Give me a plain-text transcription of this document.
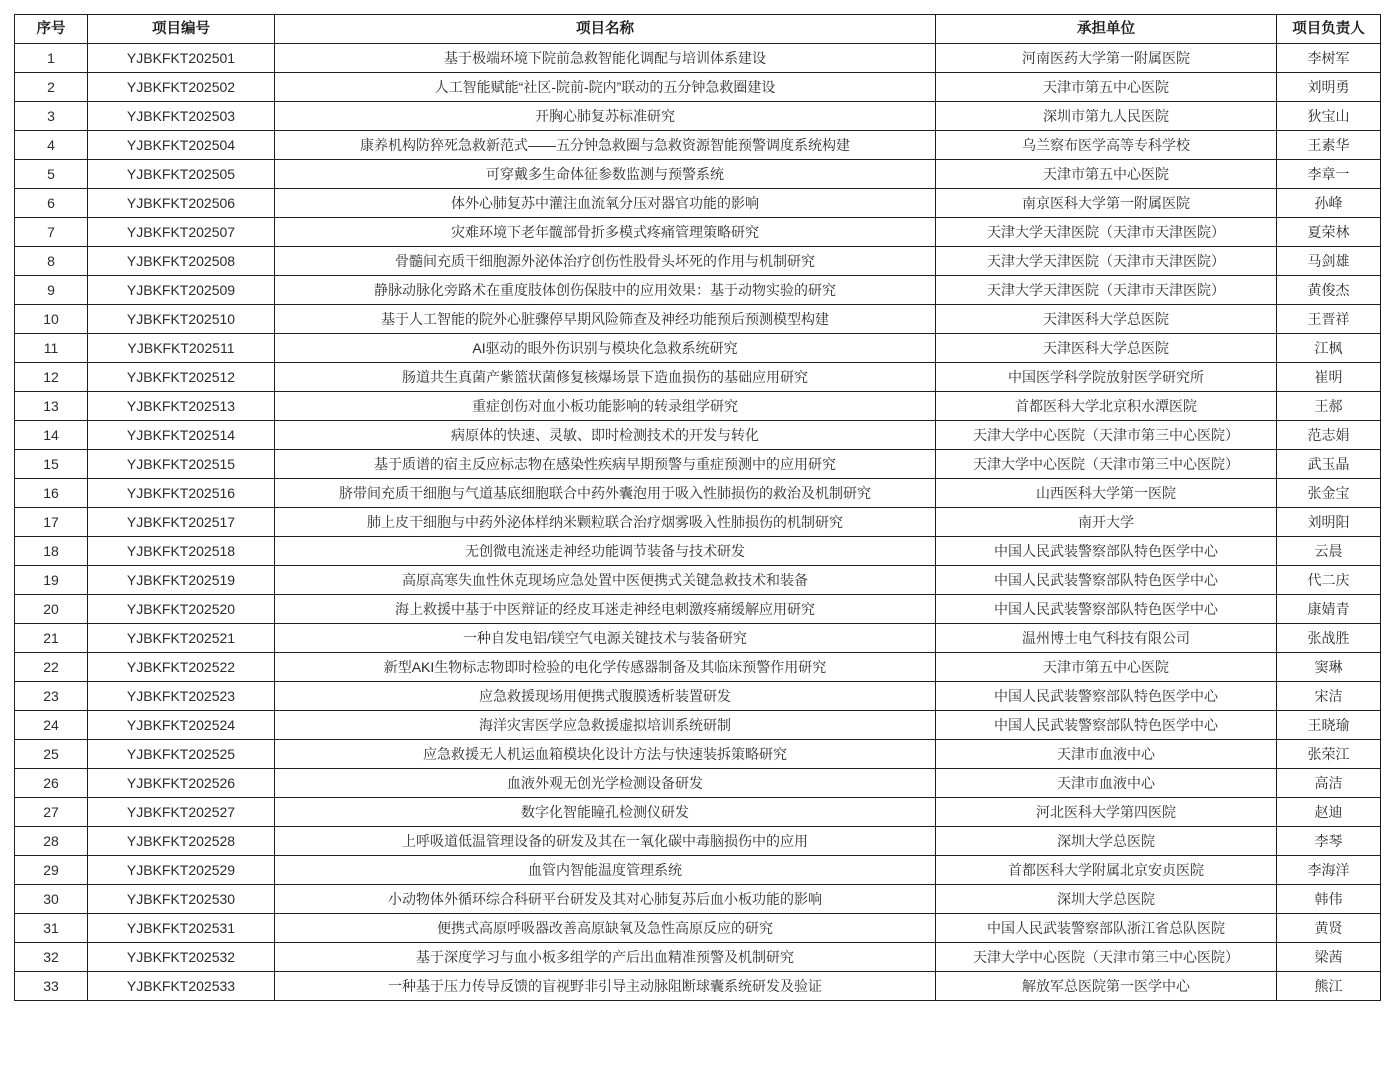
序号	项目编号	项目名称	承担单位	项目负责人
1	YJBKFKT202501	基于极端环境下院前急救智能化调配与培训体系建设	河南医药大学第一附属医院	李树军
2	YJBKFKT202502	人工智能赋能“社区-院前-院内”联动的五分钟急救圈建设	天津市第五中心医院	刘明勇
3	YJBKFKT202503	开胸心肺复苏标准研究	深圳市第九人民医院	狄宝山
4	YJBKFKT202504	康养机构防猝死急救新范式——五分钟急救圈与急救资源智能预警调度系统构建	乌兰察布医学高等专科学校	王素华
5	YJBKFKT202505	可穿戴多生命体征参数监测与预警系统	天津市第五中心医院	李章一
6	YJBKFKT202506	体外心肺复苏中灌注血流氧分压对器官功能的影响	南京医科大学第一附属医院	孙峰
7	YJBKFKT202507	灾难环境下老年髋部骨折多模式疼痛管理策略研究	天津大学天津医院（天津市天津医院）	夏荣林
8	YJBKFKT202508	骨髓间充质干细胞源外泌体治疗创伤性股骨头坏死的作用与机制研究	天津大学天津医院（天津市天津医院）	马剑雄
9	YJBKFKT202509	静脉动脉化旁路术在重度肢体创伤保肢中的应用效果：基于动物实验的研究	天津大学天津医院（天津市天津医院）	黄俊杰
10	YJBKFKT202510	基于人工智能的院外心脏骤停早期风险筛查及神经功能预后预测模型构建	天津医科大学总医院	王晋祥
11	YJBKFKT202511	AI驱动的眼外伤识别与模块化急救系统研究	天津医科大学总医院	江枫
12	YJBKFKT202512	肠道共生真菌产紫篮状菌修复核爆场景下造血损伤的基础应用研究	中国医学科学院放射医学研究所	崔明
13	YJBKFKT202513	重症创伤对血小板功能影响的转录组学研究	首都医科大学北京积水潭医院	王郝
14	YJBKFKT202514	病原体的快速、灵敏、即时检测技术的开发与转化	天津大学中心医院（天津市第三中心医院）	范志娟
15	YJBKFKT202515	基于质谱的宿主反应标志物在感染性疾病早期预警与重症预测中的应用研究	天津大学中心医院（天津市第三中心医院）	武玉晶
16	YJBKFKT202516	脐带间充质干细胞与气道基底细胞联合中药外囊泡用于吸入性肺损伤的救治及机制研究	山西医科大学第一医院	张金宝
17	YJBKFKT202517	肺上皮干细胞与中药外泌体样纳米颗粒联合治疗烟雾吸入性肺损伤的机制研究	南开大学	刘明阳
18	YJBKFKT202518	无创微电流迷走神经功能调节装备与技术研发	中国人民武装警察部队特色医学中心	云晨
19	YJBKFKT202519	高原高寒失血性休克现场应急处置中医便携式关键急救技术和装备	中国人民武装警察部队特色医学中心	代二庆
20	YJBKFKT202520	海上救援中基于中医辩证的经皮耳迷走神经电刺激疼痛缓解应用研究	中国人民武装警察部队特色医学中心	康婧青
21	YJBKFKT202521	一种自发电铝/镁空气电源关键技术与装备研究	温州博士电气科技有限公司	张战胜
22	YJBKFKT202522	新型AKI生物标志物即时检验的电化学传感器制备及其临床预警作用研究	天津市第五中心医院	窦琳
23	YJBKFKT202523	应急救援现场用便携式腹膜透析装置研发	中国人民武装警察部队特色医学中心	宋洁
24	YJBKFKT202524	海洋灾害医学应急救援虚拟培训系统研制	中国人民武装警察部队特色医学中心	王晓瑜
25	YJBKFKT202525	应急救援无人机运血箱模块化设计方法与快速装拆策略研究	天津市血液中心	张荣江
26	YJBKFKT202526	血液外观无创光学检测设备研发	天津市血液中心	高洁
27	YJBKFKT202527	数字化智能瞳孔检测仪研发	河北医科大学第四医院	赵迪
28	YJBKFKT202528	上呼吸道低温管理设备的研发及其在一氧化碳中毒脑损伤中的应用	深圳大学总医院	李琴
29	YJBKFKT202529	血管内智能温度管理系统	首都医科大学附属北京安贞医院	李海洋
30	YJBKFKT202530	小动物体外循环综合科研平台研发及其对心肺复苏后血小板功能的影响	深圳大学总医院	韩伟
31	YJBKFKT202531	便携式高原呼吸器改善高原缺氧及急性高原反应的研究	中国人民武装警察部队浙江省总队医院	黄贤
32	YJBKFKT202532	基于深度学习与血小板多组学的产后出血精准预警及机制研究	天津大学中心医院（天津市第三中心医院）	梁茜
33	YJBKFKT202533	一种基于压力传导反馈的盲视野非引导主动脉阻断球囊系统研发及验证	解放军总医院第一医学中心	熊江
